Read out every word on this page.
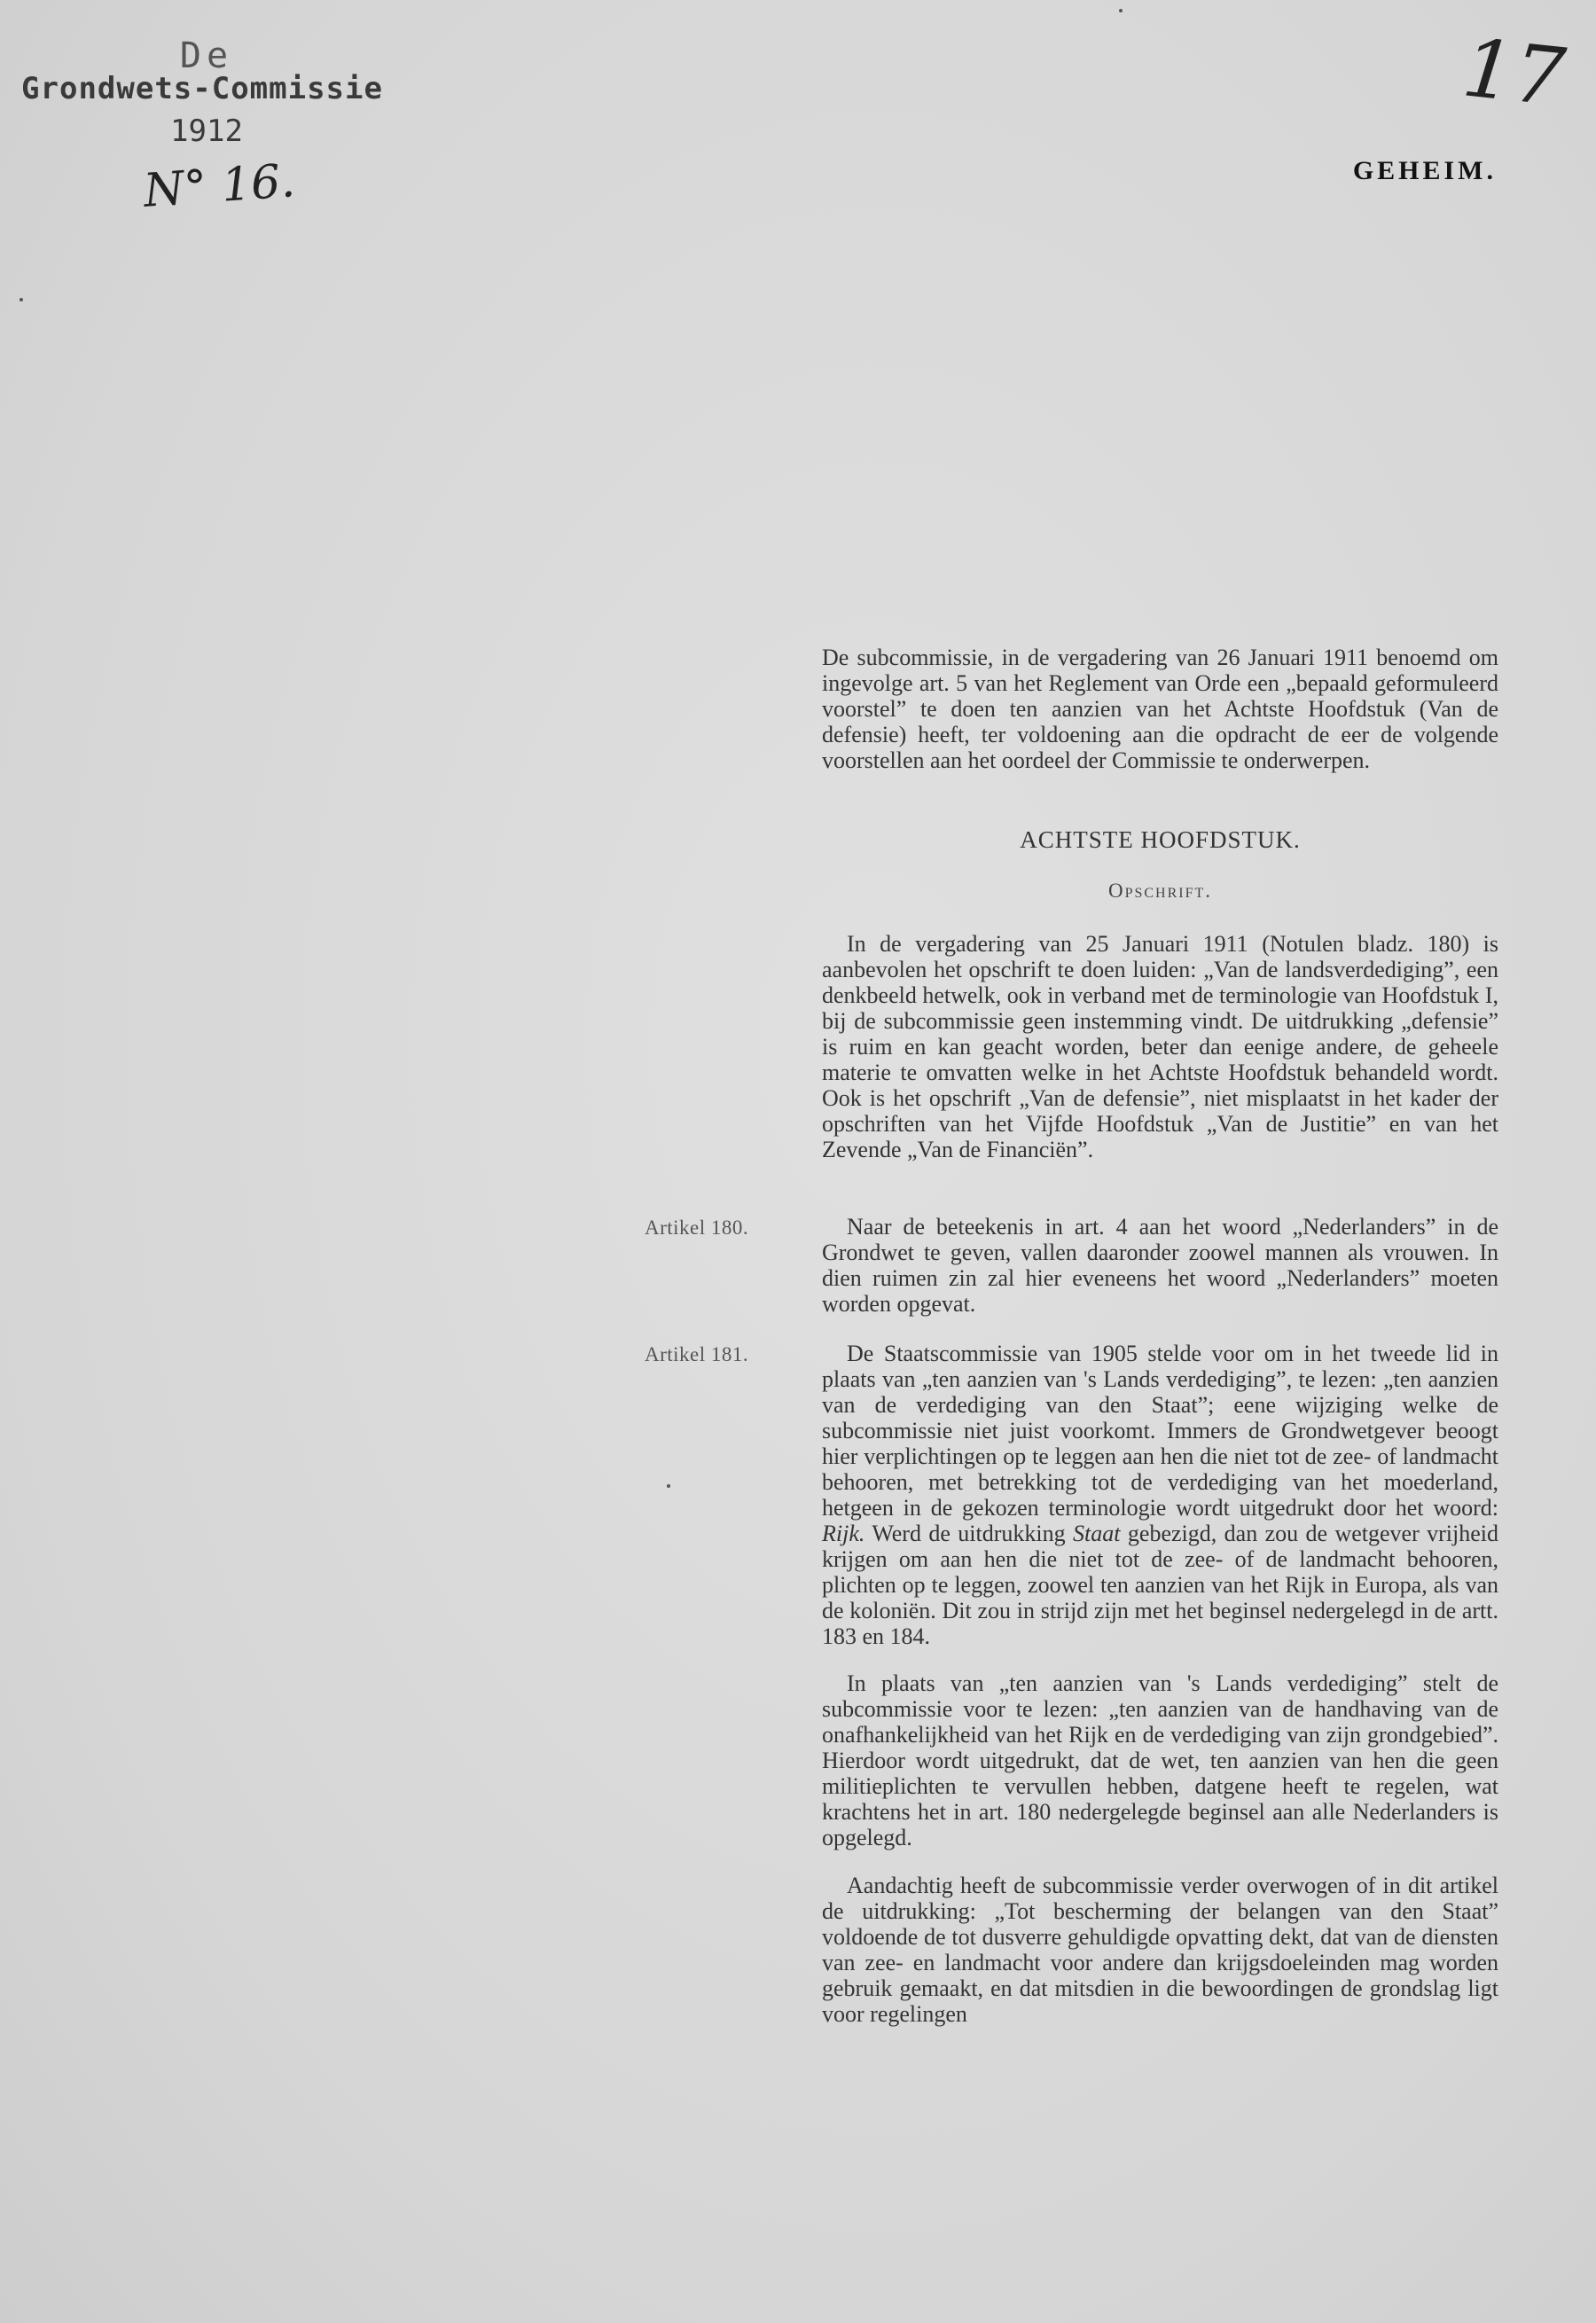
De
Grondwets-Commissie
1912
N° 16.
17
GEHEIM.
De subcommissie, in de vergadering van 26 Januari 1911 benoemd om ingevolge art. 5 van het Reglement van Orde een „bepaald geformuleerd voorstel” te doen ten aanzien van het Achtste Hoofdstuk (Van de defensie) heeft, ter voldoening aan die opdracht de eer de volgende voorstellen aan het oordeel der Commissie te onderwerpen.
ACHTSTE HOOFDSTUK.
Opschrift.
In de vergadering van 25 Januari 1911 (Notulen bladz. 180) is aanbevolen het opschrift te doen luiden: „Van de landsverdediging”, een denkbeeld hetwelk, ook in verband met de terminologie van Hoofdstuk I, bij de subcommissie geen instemming vindt. De uitdrukking „defensie” is ruim en kan geacht worden, beter dan eenige andere, de geheele materie te omvatten welke in het Achtste Hoofdstuk behandeld wordt. Ook is het opschrift „Van de defensie”, niet misplaatst in het kader der opschriften van het Vijfde Hoofdstuk „Van de Justitie” en van het Zevende „Van de Financiën”.
Artikel 180.	Naar de beteekenis in art. 4 aan het woord „Nederlanders” in de Grondwet te geven, vallen daaronder zoowel mannen als vrouwen. In dien ruimen zin zal hier eveneens het woord „Nederlanders” moeten worden opgevat.
Artikel 181.	De Staatscommissie van 1905 stelde voor om in het tweede lid in plaats van „ten aanzien van 's Lands verdediging”, te lezen: „ten aanzien van de verdediging van den Staat”; eene wijziging welke de subcommissie niet juist voorkomt. Immers de Grondwetgever beoogt hier verplichtingen op te leggen aan hen die niet tot de zee- of landmacht behooren, met betrekking tot de verdediging van het moederland, hetgeen in de gekozen terminologie wordt uitgedrukt door het woord: Rijk. Werd de uitdrukking Staat gebezigd, dan zou de wetgever vrijheid krijgen om aan hen die niet tot de zee- of de landmacht behooren, plichten op te leggen, zoowel ten aanzien van het Rijk in Europa, als van de koloniën. Dit zou in strijd zijn met het beginsel nedergelegd in de artt. 183 en 184.
In plaats van „ten aanzien van 's Lands verdediging” stelt de subcommissie voor te lezen: „ten aanzien van de handhaving van de onafhankelijkheid van het Rijk en de verdediging van zijn grondgebied”. Hierdoor wordt uitgedrukt, dat de wet, ten aanzien van hen die geen militieplichten te vervullen hebben, datgene heeft te regelen, wat krachtens het in art. 180 nedergelegde beginsel aan alle Nederlanders is opgelegd.
Aandachtig heeft de subcommissie verder overwogen of in dit artikel de uitdrukking: „Tot bescherming der belangen van den Staat” voldoende de tot dusverre gehuldigde opvatting dekt, dat van de diensten van zee- en landmacht voor andere dan krijgsdoeleinden mag worden gebruik gemaakt, en dat mitsdien in die bewoordingen de grondslag ligt voor regelingen
